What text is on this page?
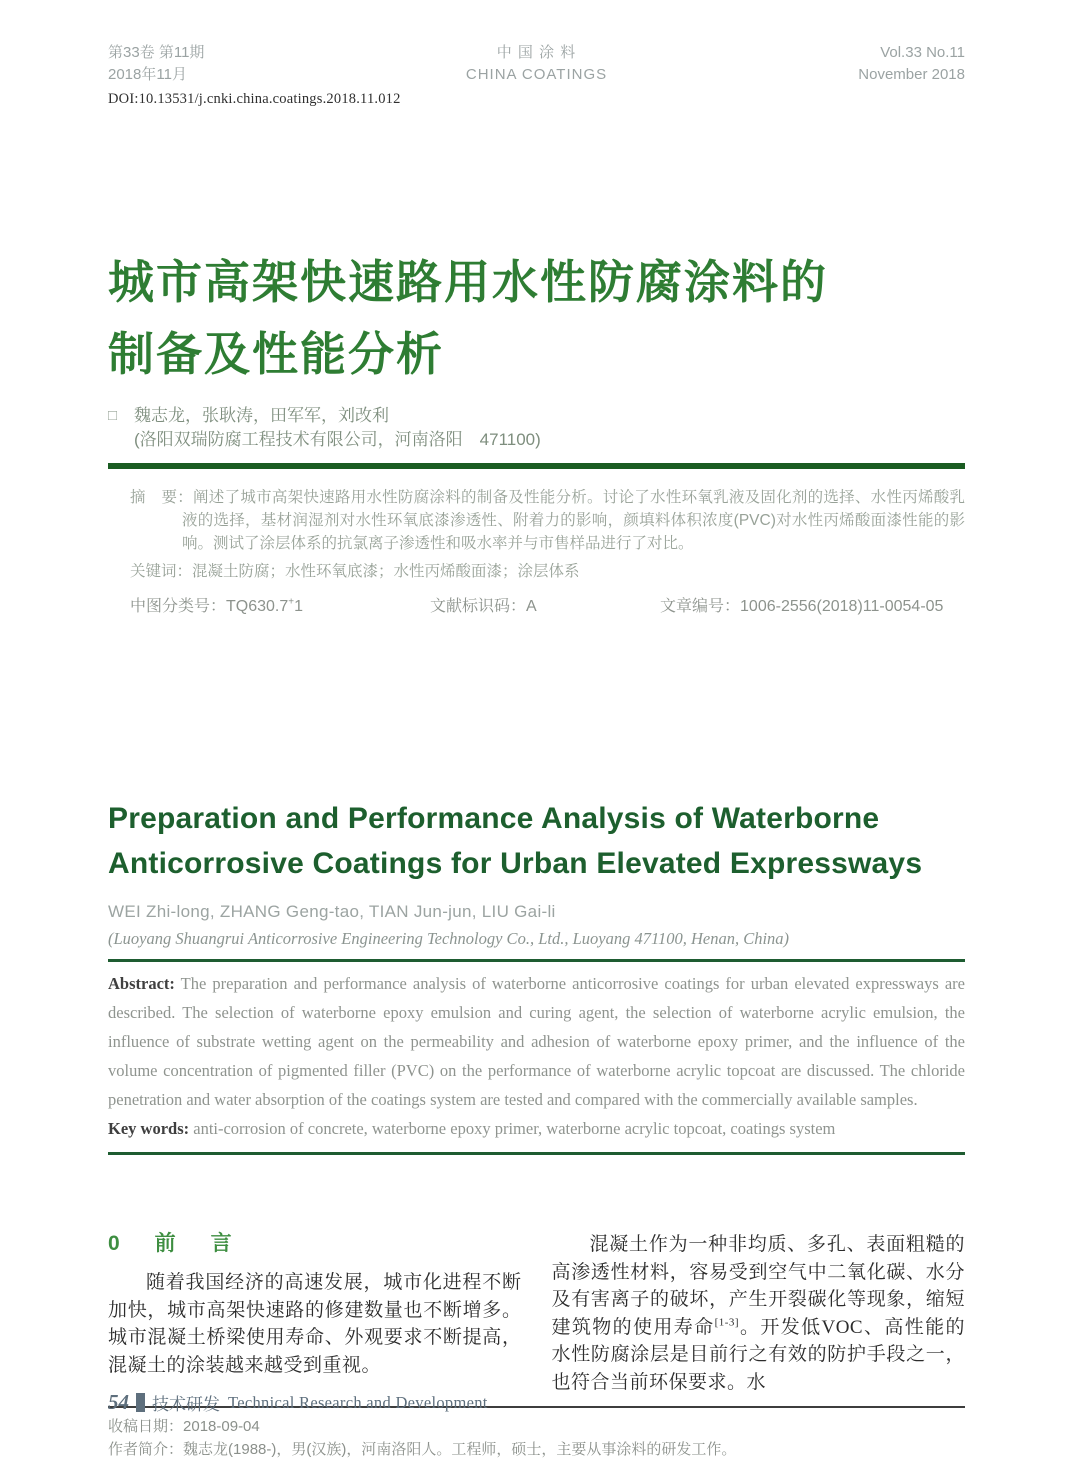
第33卷 第11期
2018年11月
中 国 涂 料
CHINA COATINGS
Vol.33 No.11
November 2018
DOI:10.13531/j.cnki.china.coatings.2018.11.012
城市高架快速路用水性防腐涂料的
制备及性能分析
□ 魏志龙，张耿涛，田军军，刘改利
(洛阳双瑞防腐工程技术有限公司，河南洛阳　471100)

摘　要：阐述了城市高架快速路用水性防腐涂料的制备及性能分析。讨论了水性环氧乳液及固化剂的选择、水性丙烯酸乳液的选择，基材润湿剂对水性环氧底漆渗透性、附着力的影响，颜填料体积浓度(PVC)对水性丙烯酸面漆性能的影响。测试了涂层体系的抗氯离子渗透性和吸水率并与市售样品进行了对比。

关键词：混凝土防腐；水性环氧底漆；水性丙烯酸面漆；涂层体系
中图分类号：TQ630.7+1	文献标识码：A	文章编号：1006-2556(2018)11-0054-05
Preparation and Performance Analysis of Waterborne
Anticorrosive Coatings for Urban Elevated Expressways
WEI Zhi-long, ZHANG Geng-tao, TIAN Jun-jun, LIU Gai-li
(Luoyang Shuangrui Anticorrosive Engineering Technology Co., Ltd., Luoyang 471100, Henan, China)

Abstract: The preparation and performance analysis of waterborne anticorrosive coatings for urban elevated expressways are described. The selection of waterborne epoxy emulsion and curing agent, the selection of waterborne acrylic emulsion, the influence of substrate wetting agent on the permeability and adhesion of waterborne epoxy primer, and the influence of the volume concentration of pigmented filler (PVC) on the performance of waterborne acrylic topcoat are discussed. The chloride penetration and water absorption of the coatings system are tested and compared with the commercially available samples.

Key words: anti-corrosion of concrete, waterborne epoxy primer, waterborne acrylic topcoat, coatings system

0　前　言

随着我国经济的高速发展，城市化进程不断加快，城市高架快速路的修建数量也不断增多。城市混凝土桥梁使用寿命、外观要求不断提高，混凝土的涂装越来越受到重视。

混凝土作为一种非均质、多孔、表面粗糙的高渗透性材料，容易受到空气中二氧化碳、水分及有害离子的破坏，产生开裂碳化等现象，缩短建筑物的使用寿命[1-3]。开发低VOC、高性能的水性防腐涂层是目前行之有效的防护手段之一，也符合当前环保要求。水

收稿日期：2018-09-04
作者简介：魏志龙(1988-)，男(汉族)，河南洛阳人。工程师，硕士，主要从事涂料的研发工作。
54 技术研发 Technical Research and Development
